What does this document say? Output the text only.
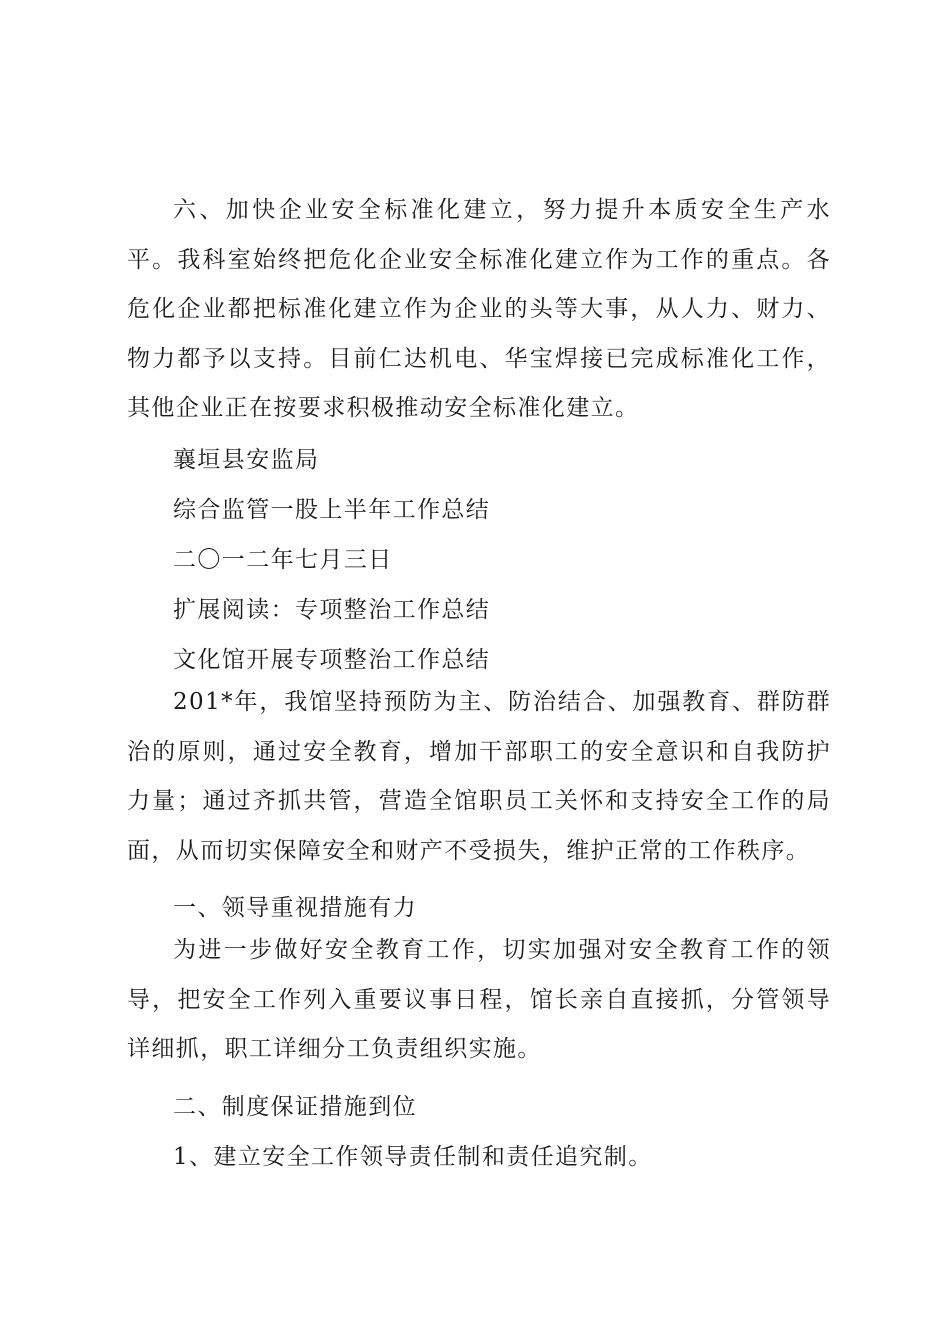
六、加快企业安全标准化建立，努力提升本质安全生产水平。我科室始终把危化企业安全标准化建立作为工作的重点。各危化企业都把标准化建立作为企业的头等大事，从人力、财力、物力都予以支持。目前仁达机电、华宝焊接已完成标准化工作，其他企业正在按要求积极推动安全标准化建立。

襄垣县安监局
综合监管一股上半年工作总结
二〇一二年七月三日
扩展阅读：专项整治工作总结
文化馆开展专项整治工作总结

201*年，我馆坚持预防为主、防治结合、加强教育、群防群治的原则，通过安全教育，增加干部职工的安全意识和自我防护力量；通过齐抓共管，营造全馆职员工关怀和支持安全工作的局面，从而切实保障安全和财产不受损失，维护正常的工作秩序。

一、领导重视措施有力

为进一步做好安全教育工作，切实加强对安全教育工作的领导，把安全工作列入重要议事日程，馆长亲自直接抓，分管领导详细抓，职工详细分工负责组织实施。

二、制度保证措施到位
1、建立安全工作领导责任制和责任追究制。
